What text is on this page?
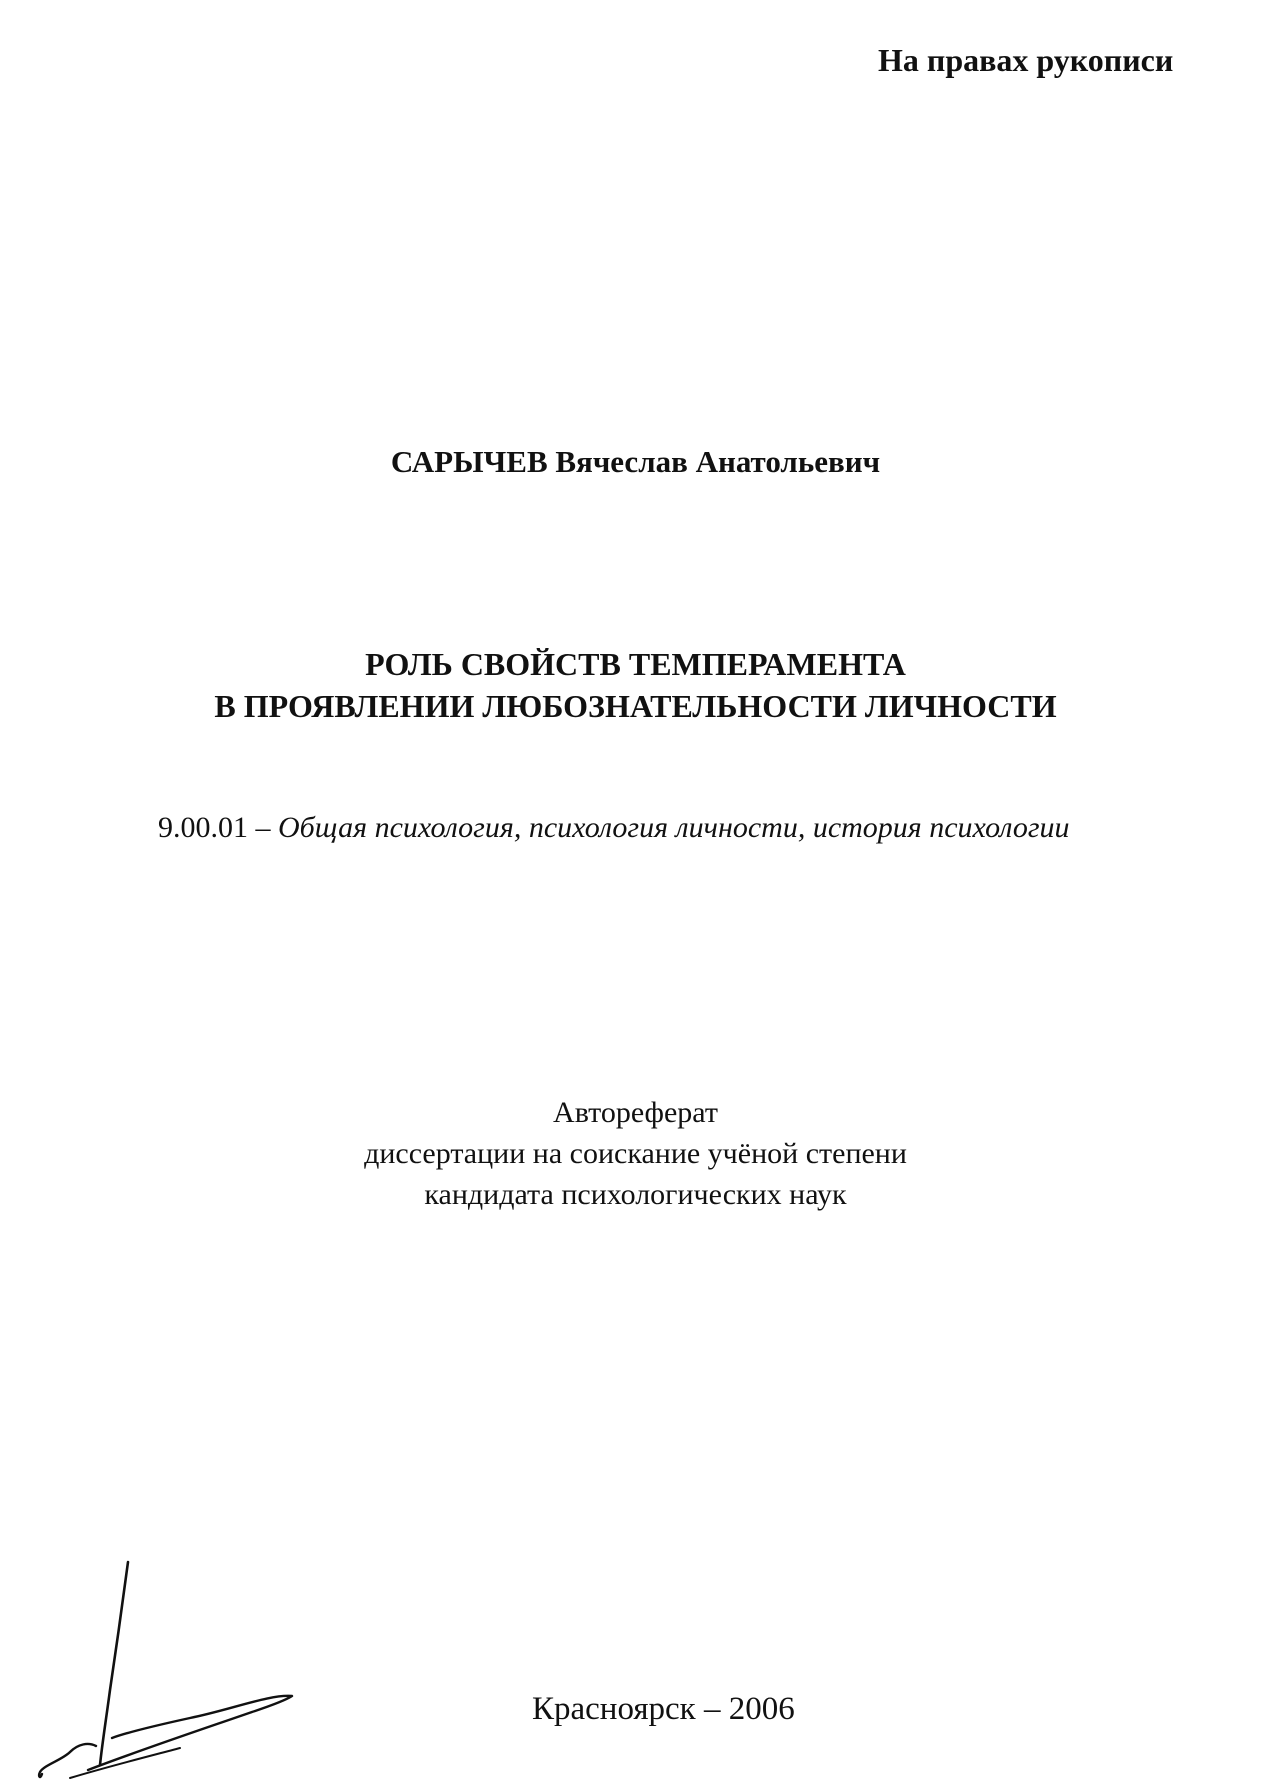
На правах рукописи
САРЫЧЕВ Вячеслав Анатольевич
РОЛЬ СВОЙСТВ ТЕМПЕРАМЕНТА
В ПРОЯВЛЕНИИ ЛЮБОЗНАТЕЛЬНОСТИ ЛИЧНОСТИ
9.00.01 – Общая психология, психология личности, история психологии
Автореферат
диссертации на соискание учёной степени
кандидата психологических наук
Красноярск – 2006
